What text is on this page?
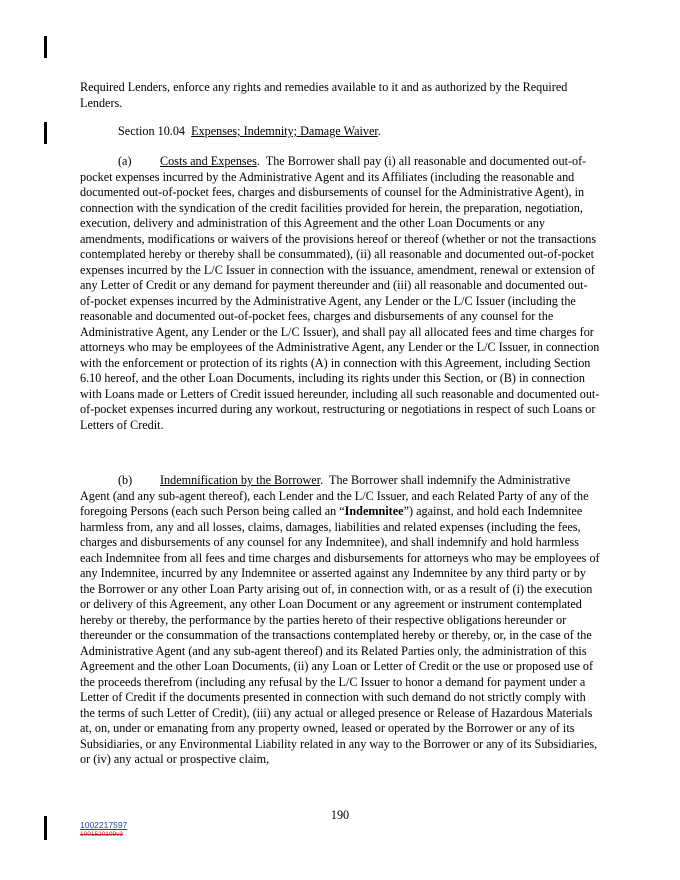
Required Lenders, enforce any rights and remedies available to it and as authorized by the Required Lenders.

Section 10.04 Expenses; Indemnity; Damage Waiver.

(a) Costs and Expenses.  The Borrower shall pay (i) all reasonable and documented out-of-pocket expenses incurred by the Administrative Agent and its Affiliates (including the reasonable and documented out-of-pocket fees, charges and disbursements of counsel for the Administrative Agent), in connection with the syndication of the credit facilities provided for herein, the preparation, negotiation, execution, delivery and administration of this Agreement and the other Loan Documents or any amendments, modifications or waivers of the provisions hereof or thereof (whether or not the transactions contemplated hereby or thereby shall be consummated), (ii) all reasonable and documented out-of-pocket expenses incurred by the L/C Issuer in connection with the issuance, amendment, renewal or extension of any Letter of Credit or any demand for payment thereunder and (iii) all reasonable and documented out-of-pocket expenses incurred by the Administrative Agent, any Lender or the L/C Issuer (including the reasonable and documented out-of-pocket fees, charges and disbursements of any counsel for the Administrative Agent, any Lender or the L/C Issuer), and shall pay all allocated fees and time charges for attorneys who may be employees of the Administrative Agent, any Lender or the L/C Issuer, in connection with the enforcement or protection of its rights (A) in connection with this Agreement, including Section 6.10 hereof, and the other Loan Documents, including its rights under this Section, or (B) in connection with Loans made or Letters of Credit issued hereunder, including all such reasonable and documented out-of-pocket expenses incurred during any workout, restructuring or negotiations in respect of such Loans or Letters of Credit.

(b) Indemnification by the Borrower.  The Borrower shall indemnify the Administrative Agent (and any sub-agent thereof), each Lender and the L/C Issuer, and each Related Party of any of the foregoing Persons (each such Person being called an “Indemnitee”) against, and hold each Indemnitee harmless from, any and all losses, claims, damages, liabilities and related expenses (including the fees, charges and disbursements of any counsel for any Indemnitee), and shall indemnify and hold harmless each Indemnitee from all fees and time charges and disbursements for attorneys who may be employees of any Indemnitee, incurred by any Indemnitee or asserted against any Indemnitee by any third party or by the Borrower or any other Loan Party arising out of, in connection with, or as a result of (i) the execution or delivery of this Agreement, any other Loan Document or any agreement or instrument contemplated hereby or thereby, the performance by the parties hereto of their respective obligations hereunder or thereunder or the consummation of the transactions contemplated hereby or thereby, or, in the case of the Administrative Agent (and any sub-agent thereof) and its Related Parties only, the administration of this Agreement and the other Loan Documents, (ii) any Loan or Letter of Credit or the use or proposed use of the proceeds therefrom (including any refusal by the L/C Issuer to honor a demand for payment under a Letter of Credit if the documents presented in connection with such demand do not strictly comply with the terms of such Letter of Credit), (iii) any actual or alleged presence or Release of Hazardous Materials at, on, under or emanating from any property owned, leased or operated by the Borrower or any of its Subsidiaries, or any Environmental Liability related in any way to the Borrower or any of its Subsidiaries, or (iv) any actual or prospective claim,

190
1002217597
1001520109v3
